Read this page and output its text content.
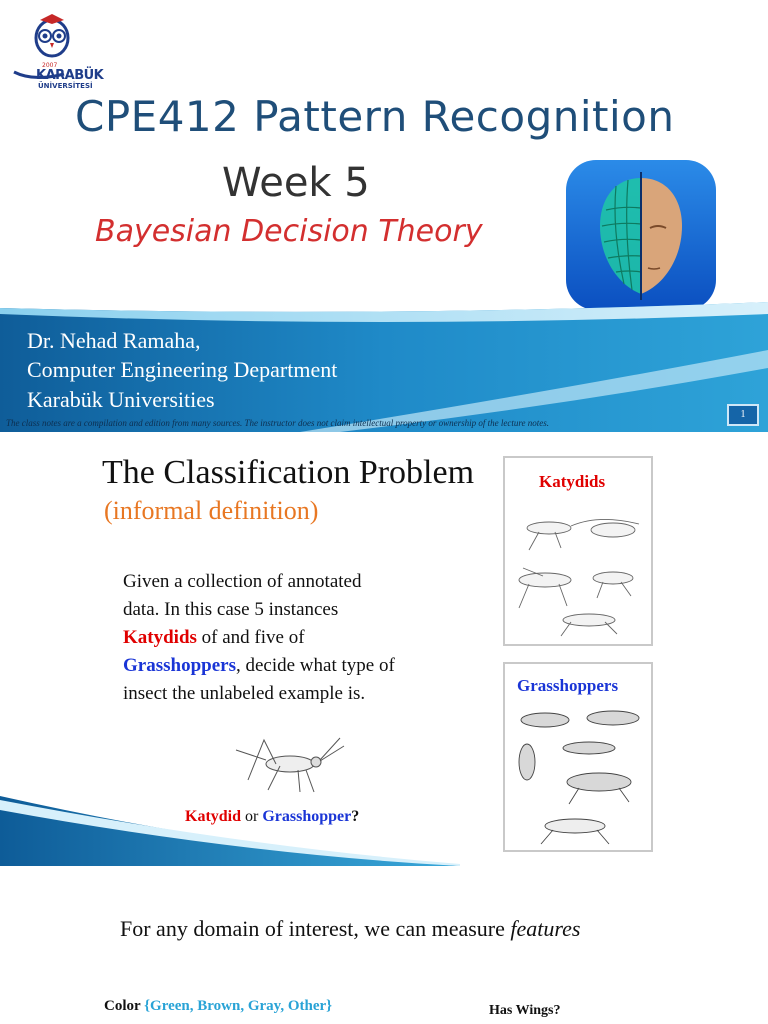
2007
KARABÜK
ÜNİVERSİTESİ
CPE412 Pattern Recognition
Week 5
Bayesian Decision Theory
Dr. Nehad Ramaha,
Computer Engineering Department
Karabük Universities
The class notes are a compilation and edition from many sources. The instructor does not claim intellectual property or ownership of the lecture notes.
1
The Classification Problem
(informal definition)
Given a collection of annotated
data. In this case 5 instances
Katydids of and five of
Grasshoppers, decide what type of
insect the unlabeled example is.
Katydid or Grasshopper?
Katydids
Grasshoppers
For any domain of interest, we can measure features
Color {Green, Brown, Gray, Other}	Has Wings?
